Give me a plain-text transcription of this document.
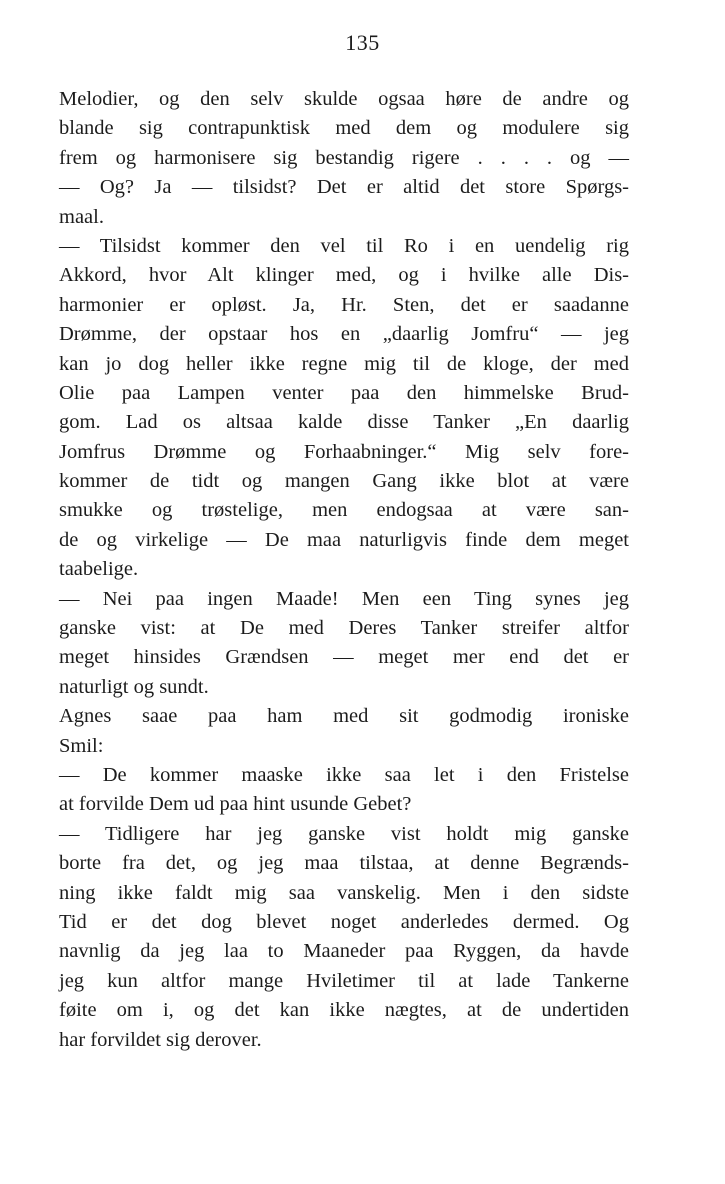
135
Melodier, og den selv skulde ogsaa høre de andre og
blande sig contrapunktisk med dem og modulere sig
frem og harmonisere sig bestandig rigere . . . . og —
— Og? Ja — tilsidst? Det er altid det store Spørgs-
maal.
— Tilsidst kommer den vel til Ro i en uendelig rig
Akkord, hvor Alt klinger med, og i hvilke alle Dis-
harmonier er opløst. Ja, Hr. Sten, det er saadanne
Drømme, der opstaar hos en „daarlig Jomfru“ — jeg
kan jo dog heller ikke regne mig til de kloge, der med
Olie paa Lampen venter paa den himmelske Brud-
gom. Lad os altsaa kalde disse Tanker „En daarlig
Jomfrus Drømme og Forhaabninger.“ Mig selv fore-
kommer de tidt og mangen Gang ikke blot at være
smukke og trøstelige, men endogsaa at være san-
de og virkelige — De maa naturligvis finde dem meget
taabelige.
— Nei paa ingen Maade! Men een Ting synes jeg
ganske vist: at De med Deres Tanker streifer altfor
meget hinsides Grændsen — meget mer end det er
naturligt og sundt.
Agnes saae paa ham med sit godmodig ironiske
Smil:
— De kommer maaske ikke saa let i den Fristelse
at forvilde Dem ud paa hint usunde Gebet?
— Tidligere har jeg ganske vist holdt mig ganske
borte fra det, og jeg maa tilstaa, at denne Begrænds-
ning ikke faldt mig saa vanskelig. Men i den sidste
Tid er det dog blevet noget anderledes dermed. Og
navnlig da jeg laa to Maaneder paa Ryggen, da havde
jeg kun altfor mange Hviletimer til at lade Tankerne
føite om i, og det kan ikke nægtes, at de undertiden
har forvildet sig derover.
